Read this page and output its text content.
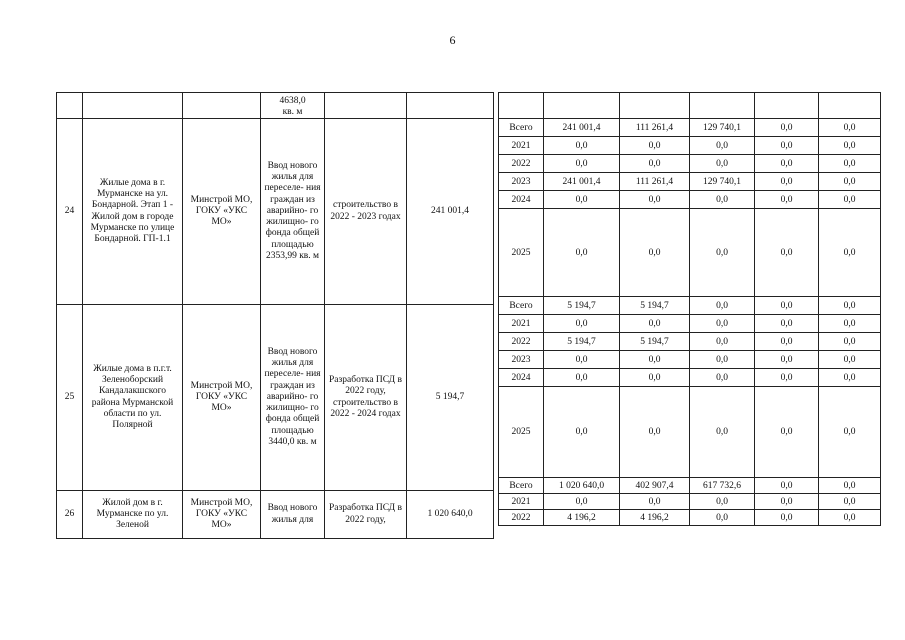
6
			4638,0
кв. м		
24	Жилые дома в г. Мурманске на ул. Бондарной. Этап 1 - Жилой дом в городе Мурманске по улице Бондарной. ГП-1.1	Минстрой МО, ГОКУ «УКС МО»	Ввод нового жилья для переселе- ния граждан из аварийно- го жилищно- го фонда общей площадью 2353,99 кв. м	строительство в 2022 - 2023 годах	241 001,4
25	Жилые дома в п.г.т. Зеленоборский Кандалакшского района Мурманской области по ул. Полярной	Минстрой МО, ГОКУ «УКС МО»	Ввод нового жилья для переселе- ния граждан из аварийно- го жилищно- го фонда общей площадью 3440,0 кв. м	Разработка ПСД в 2022 году, строительство в 2022 - 2024 годах	5 194,7
26	Жилой дом в г. Мурманске по ул. Зеленой	Минстрой МО, ГОКУ «УКС МО»	Ввод нового жилья для	Разработка ПСД в 2022 году,	1 020 640,0

Всего	241 001,4	111 261,4	129 740,1	0,0	0,0
2021	0,0	0,0	0,0	0,0	0,0
2022	0,0	0,0	0,0	0,0	0,0
2023	241 001,4	111 261,4	129 740,1	0,0	0,0
2024	0,0	0,0	0,0	0,0	0,0
2025	0,0	0,0	0,0	0,0	0,0
Всего	5 194,7	5 194,7	0,0	0,0	0,0
2021	0,0	0,0	0,0	0,0	0,0
2022	5 194,7	5 194,7	0,0	0,0	0,0
2023	0,0	0,0	0,0	0,0	0,0
2024	0,0	0,0	0,0	0,0	0,0
2025	0,0	0,0	0,0	0,0	0,0
Всего	1 020 640,0	402 907,4	617 732,6	0,0	0,0
2021	0,0	0,0	0,0	0,0	0,0
2022	4 196,2	4 196,2	0,0	0,0	0,0
